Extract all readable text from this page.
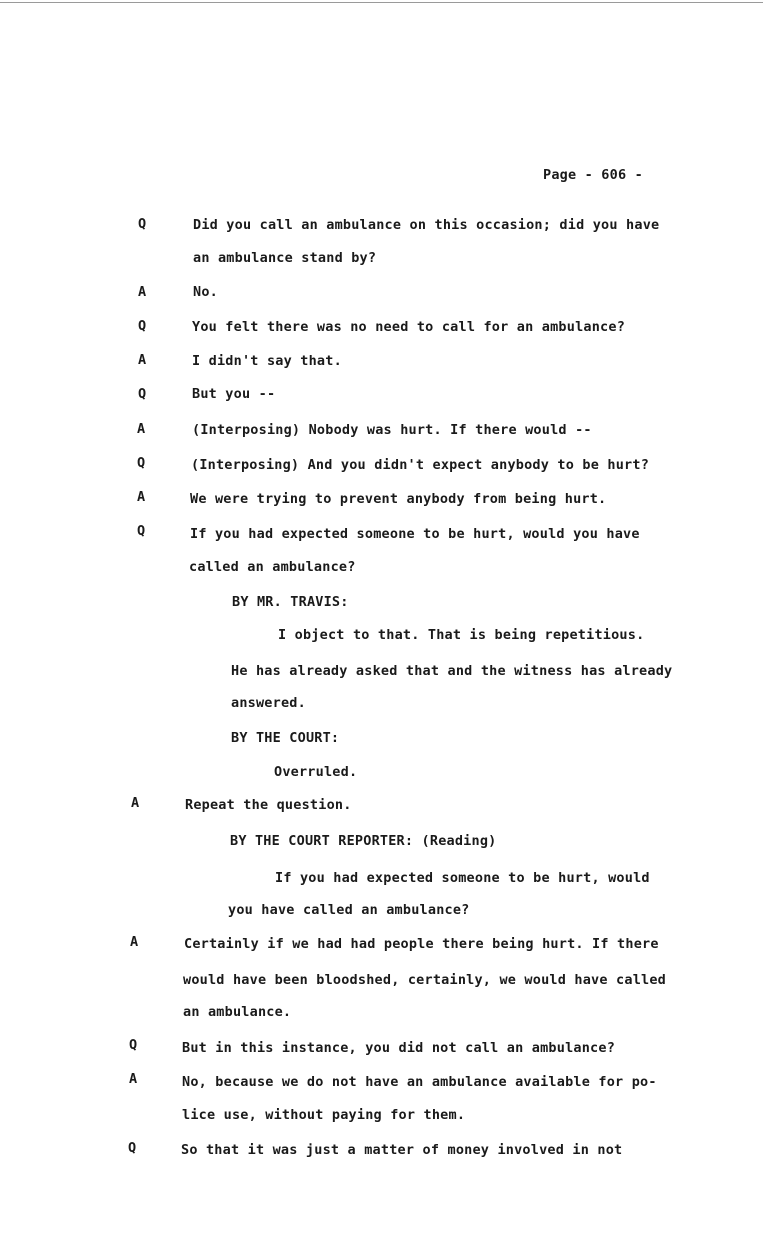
Page - 606 -
Q
A
Q
A
Q
A
Q
A
Q
A
A
Q
A
Q
Did you call an ambulance on this occasion; did you have
an ambulance stand by?
No.
You felt there was no need to call for an ambulance?
I didn't say that.
But you --
(Interposing) Nobody was hurt. If there would --
(Interposing) And you didn't expect anybody to be hurt?
We were trying to prevent anybody from being hurt.
If you had expected someone to be hurt, would you have
called an ambulance?
BY MR. TRAVIS:
I object to that. That is being repetitious.
He has already asked that and the witness has already
answered.
BY THE COURT:
Overruled.
Repeat the question.
BY THE COURT REPORTER: (Reading)
If you had expected someone to be hurt, would
you have called an ambulance?
Certainly if we had had people there being hurt. If there
would have been bloodshed, certainly, we would have called
an ambulance.
But in this instance, you did not call an ambulance?
No, because we do not have an ambulance available for po-
lice use, without paying for them.
So that it was just a matter of money involved in not
